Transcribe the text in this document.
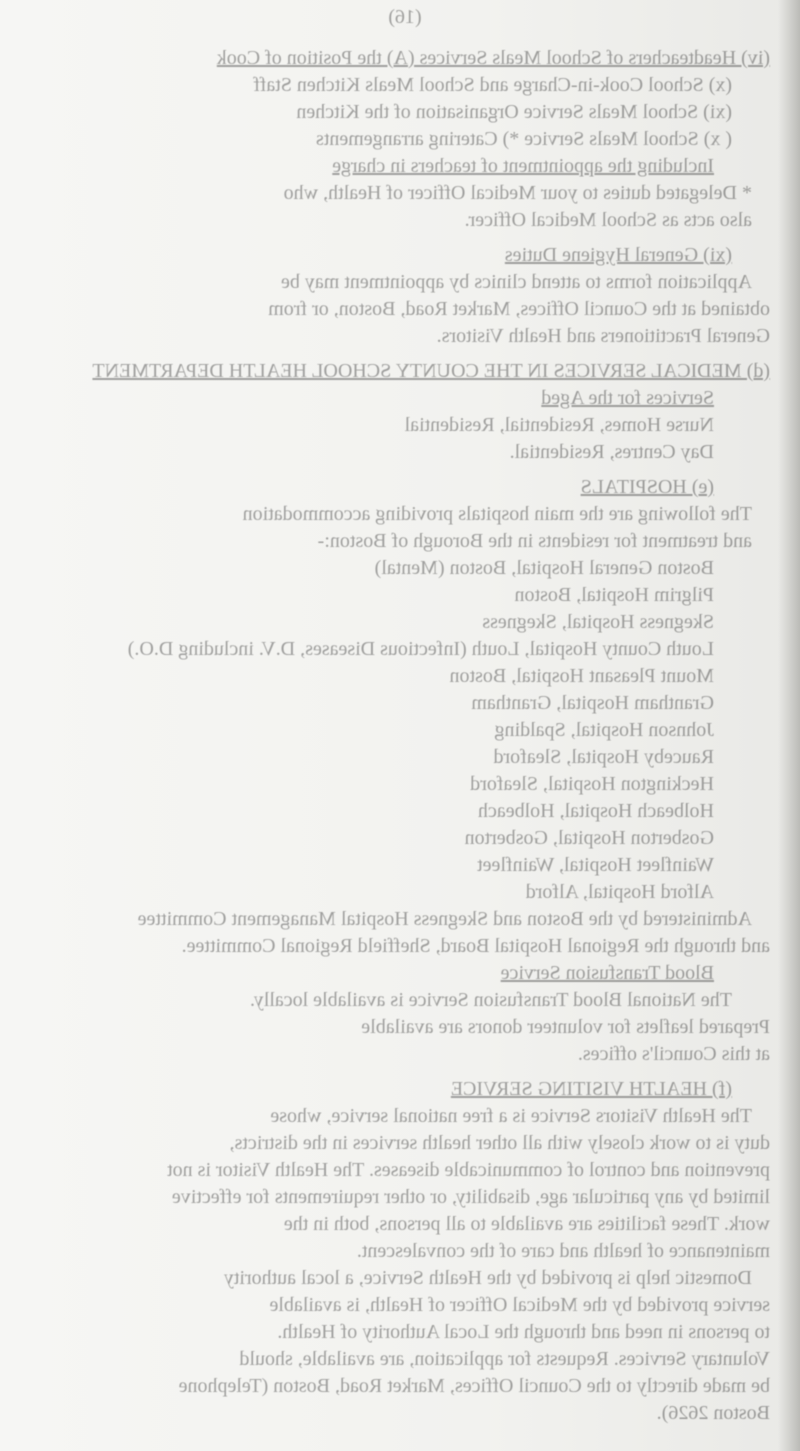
(16)
(iv) Headteachers of School Meals Services (A) the Position of Cook
(x) School Cook-in-Charge and School Meals Kitchen Staff
(xi) School Meals Service Organisation of the Kitchen
( x) School Meals Service *) Catering arrangements
Including the appointment of teachers in charge
* Delegated duties to your Medical Officer of Health, who
also acts as School Medical Officer.
(xi) General Hygiene Duties
Application forms to attend clinics by appointment may be
obtained at the Council Offices, Market Road, Boston, or from
General Practitioners and Health Visitors.
(d) MEDICAL SERVICES IN THE COUNTY SCHOOL HEALTH DEPARTMENT
Services for the Aged
Nurse Homes, Residential, Residential
Day Centres, Residential.
(e) HOSPITALS
The following are the main hospitals providing accommodation
and treatment for residents in the Borough of Boston:-
Boston General Hospital, Boston (Mental)
Pilgrim Hospital, Boston
Skegness Hospital, Skegness
Louth County Hospital, Louth (Infectious Diseases, D.V. including D.O.)
Mount Pleasant Hospital, Boston
Grantham Hospital, Grantham
Johnson Hospital, Spalding
Rauceby Hospital, Sleaford
Heckington Hospital, Sleaford
Holbeach Hospital, Holbeach
Gosberton Hospital, Gosberton
Wainfleet Hospital, Wainfleet
Alford Hospital, Alford
Administered by the Boston and Skegness Hospital Management Committee
and through the Regional Hospital Board, Sheffield Regional Committee.
Blood Transfusion Service
The National Blood Transfusion Service is available locally.
Prepared leaflets for volunteer donors are available
at this Council's offices.
(f) HEALTH VISITING SERVICE
The Health Visitors Service is a free national service, whose
duty is to work closely with all other health services in the districts,
prevention and control of communicable diseases. The Health Visitor is not
limited by any particular age, disability, or other requirements for effective
work. These facilities are available to all persons, both in the
maintenance of health and care of the convalescent.
Domestic help is provided by the Health Service, a local authority
service provided by the Medical Officer of Health, is available
to persons in need and through the Local Authority of Health.
Voluntary Services. Requests for application, are available, should
be made directly to the Council Offices, Market Road, Boston (Telephone
Boston 2626).
